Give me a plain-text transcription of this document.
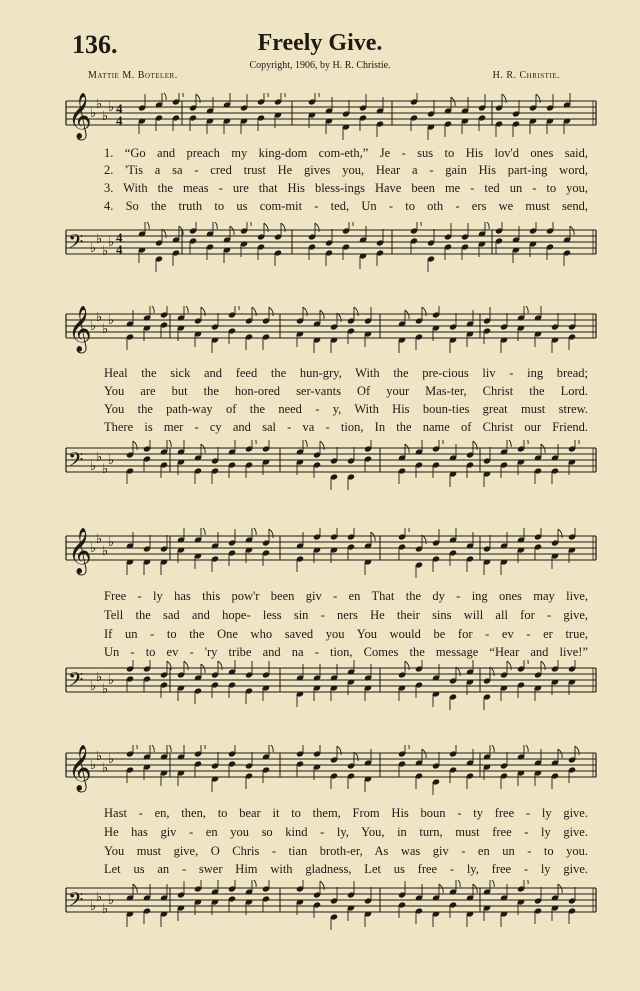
136.	Freely Give.
Copyright, 1906, by H. R. Christie.
Mattie M. Boteler.	H. R. Christie.
𝄞
♭
♭
♭
♭ 4
4
1. “Go and preach my king-dom com-eth,” Je - sus to His lov'd ones said,
2. 'Tis a sa - cred trust He gives you, Hear a - gain His part-ing word,
3. With the meas - ure that His bless-ings Have been me - ted un - to you,
4. So the truth to us com-mit - ted, Un - to oth - ers we must send,
𝄢 ♭
♭
♭
♭ 4
4
𝄞
♭
♭
♭
♭
Heal the sick and feed the hun-gry, With the pre-cious liv - ing bread;
You are but the hon-ored ser-vants Of your Mas-ter, Christ the Lord.
You the path-way of the need - y, With His boun-ties great must strew.
There is mer - cy and sal - va - tion, In the name of Christ our Friend.
𝄢 ♭
♭
♭
♭
𝄞
♭
♭
♭
♭
Free - ly has this pow'r been giv - en That the dy - ing ones may live,
Tell the sad and hope- less sin - ners He their sins will all for - give,
If un - to the One who saved you You would be for - ev - er true,
Un - to ev - 'ry tribe and na - tion, Comes the message “Hear and live!”
𝄢 ♭
♭
♭
♭
𝄞
♭
♭
♭
♭
Hast - en, then, to bear it to them, From His boun - ty free - ly give.
He has giv - en you so kind - ly, You, in turn, must free - ly give.
You must give, O Chris - tian broth-er, As was giv - en un - to you.
Let us an - swer Him with gladness, Let us free - ly, free - ly give.
𝄢 ♭
♭
♭
♭
